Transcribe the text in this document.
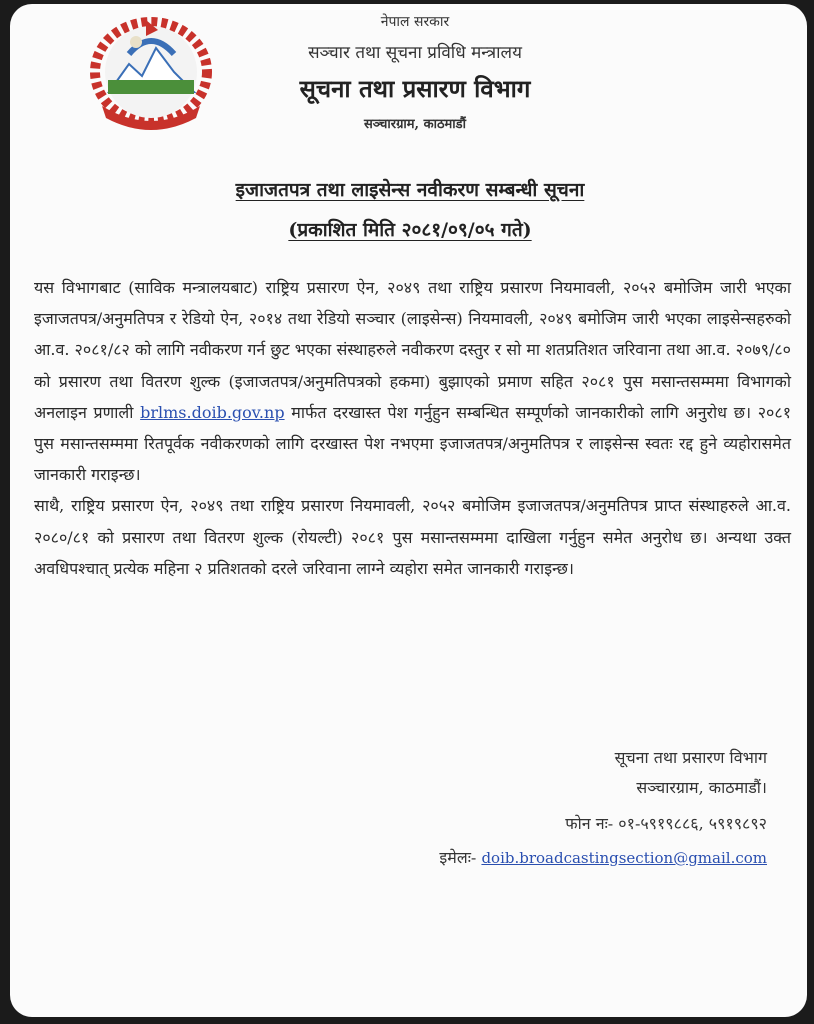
नेपाल सरकार
सञ्चार तथा सूचना प्रविधि मन्त्रालय
सूचना तथा प्रसारण विभाग
सञ्चारग्राम, काठमाडौं
इजाजतपत्र तथा लाइसेन्स नवीकरण सम्बन्धी सूचना
(प्रकाशित मिति २०८१/०९/०५ गते)

यस विभागबाट (साविक मन्त्रालयबाट) राष्ट्रिय प्रसारण ऐन, २०४९ तथा राष्ट्रिय प्रसारण नियमावली, २०५२ बमोजिम जारी भएका इजाजतपत्र/अनुमतिपत्र र रेडियो ऐन, २०१४ तथा रेडियो सञ्चार (लाइसेन्स) नियमावली, २०४९ बमोजिम जारी भएका लाइसेन्सहरुको आ.व. २०८१/८२ को लागि नवीकरण गर्न छुट भएका संस्थाहरुले नवीकरण दस्तुर र सो मा शतप्रतिशत जरिवाना तथा आ.व. २०७९/८० को प्रसारण तथा वितरण शुल्क (इजाजतपत्र/अनुमतिपत्रको हकमा) बुझाएको प्रमाण सहित २०८१ पुस मसान्तसम्ममा विभागको अनलाइन प्रणाली brlms.doib.gov.np मार्फत दरखास्त पेश गर्नुहुन सम्बन्धित सम्पूर्णको जानकारीको लागि अनुरोध छ। २०८१ पुस मसान्तसम्ममा रितपूर्वक नवीकरणको लागि दरखास्त पेश नभएमा इजाजतपत्र/अनुमतिपत्र र लाइसेन्स स्वतः रद्द हुने व्यहोरासमेत जानकारी गराइन्छ।

साथै, राष्ट्रिय प्रसारण ऐन, २०४९ तथा राष्ट्रिय प्रसारण नियमावली, २०५२ बमोजिम इजाजतपत्र/अनुमतिपत्र प्राप्त संस्थाहरुले आ.व. २०८०/८१ को प्रसारण तथा वितरण शुल्क (रोयल्टी) २०८१ पुस मसान्तसम्ममा दाखिला गर्नुहुन समेत अनुरोध छ। अन्यथा उक्त अवधिपश्चात् प्रत्येक महिना २ प्रतिशतको दरले जरिवाना लाग्ने व्यहोरा समेत जानकारी गराइन्छ।

सूचना तथा प्रसारण विभाग
सञ्चारग्राम, काठमाडौं।
फोन नः- ०१-५९१९८८६, ५९१९८९२
इमेलः- doib.broadcastingsection@gmail.com
